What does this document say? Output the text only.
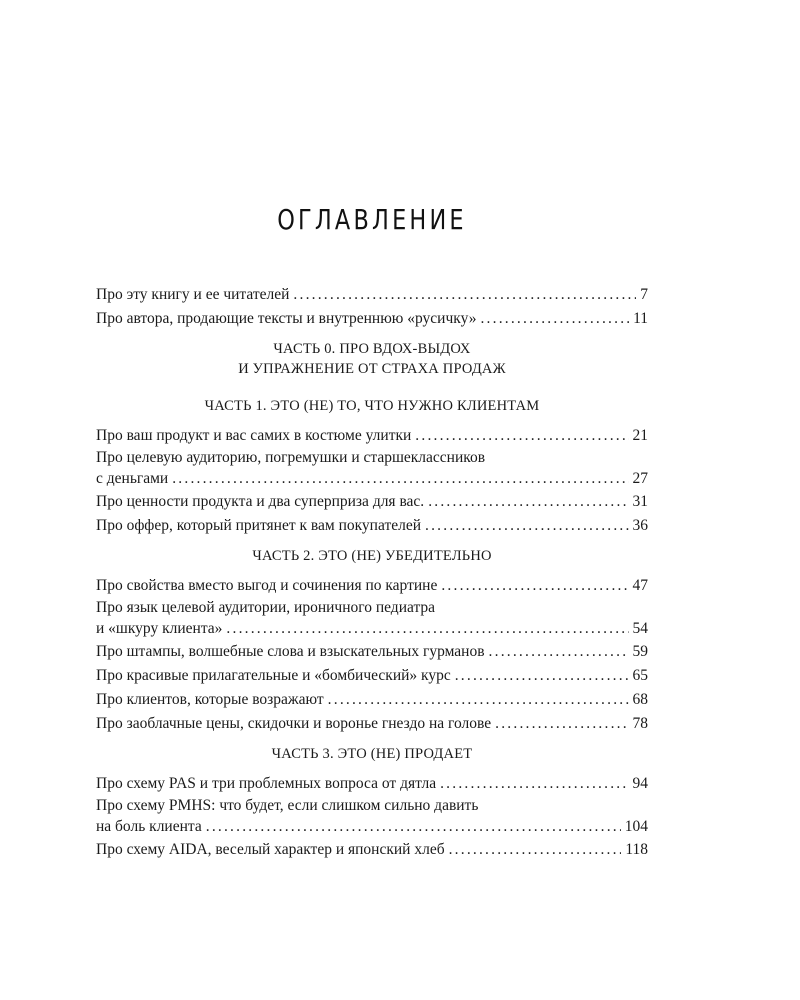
ОГЛАВЛЕНИЕ
Про эту книгу и ее читателей .....	7
Про автора, продающие тексты и внутреннюю «русичку» .....	11
ЧАСТЬ 0. ПРО ВДОХ-ВЫДОХ
И УПРАЖНЕНИЕ ОТ СТРАХА ПРОДАЖ
ЧАСТЬ 1. ЭТО (НЕ) ТО, ЧТО НУЖНО КЛИЕНТАМ
Про ваш продукт и вас самих в костюме улитки .....	21
Про целевую аудиторию, погремушки и старшеклассников
с деньгами .....	27
Про ценности продукта и два суперприза для вас. .....	31
Про оффер, который притянет к вам покупателей .....	36
ЧАСТЬ 2. ЭТО (НЕ) УБЕДИТЕЛЬНО
Про свойства вместо выгод и сочинения по картине .....	47
Про язык целевой аудитории, ироничного педиатра
и «шкуру клиента» .....	54
Про штампы, волшебные слова и взыскательных гурманов .....	59
Про красивые прилагательные и «бомбический» курс .....	65
Про клиентов, которые возражают .....	68
Про заоблачные цены, скидочки и воронье гнездо на голове .....	78
ЧАСТЬ 3. ЭТО (НЕ) ПРОДАЕТ
Про схему PAS и три проблемных вопроса от дятла .....	94
Про схему PMHS: что будет, если слишком сильно давить
на боль клиента .....	104
Про схему AIDA, веселый характер и японский хлеб .....	118
